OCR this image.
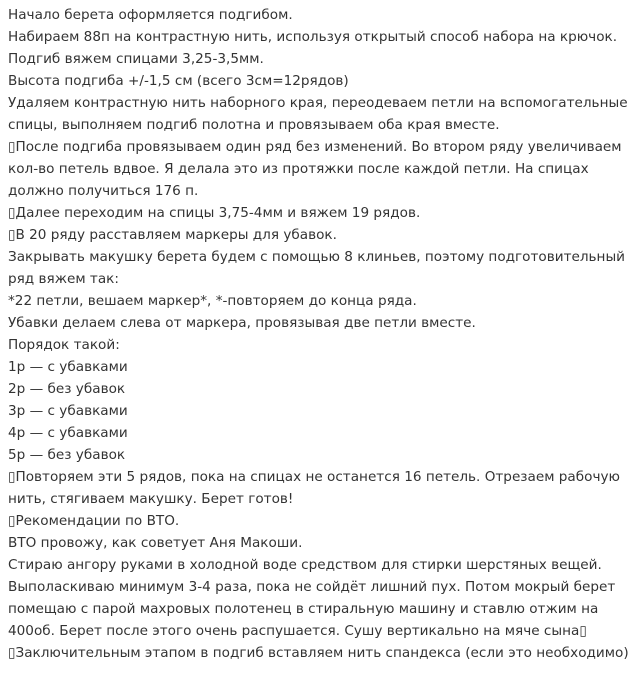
Начало берета оформляется подгибом.
Набираем 88п на контрастную нить, используя открытый способ набора на крючок.
Подгиб вяжем спицами 3,25-3,5мм.
Высота подгиба +/-1,5 см (всего 3см=12рядов)
Удаляем контрастную нить наборного края, переодеваем петли на вспомогательные спицы, выполняем подгиб полотна и провязываем оба края вместе.
▯После подгиба провязываем один ряд без изменений. Во втором ряду увеличиваем кол-во петель вдвое. Я делала это из протяжки после каждой петли. На спицах должно получиться 176 п.
▯Далее переходим на спицы 3,75-4мм и вяжем 19 рядов.
▯В 20 ряду расставляем маркеры для убавок.
Закрывать макушку берета будем с помощью 8 клиньев, поэтому подготовительный ряд вяжем так:
*22 петли, вешаем маркер*, *-повторяем до конца ряда.
Убавки делаем слева от маркера, провязывая две петли вместе.
Порядок такой:
1р — с убавками
2р — без убавок
3р — с убавками
4р — с убавками
5р — без убавок
▯Повторяем эти 5 рядов, пока на спицах не останется 16 петель. Отрезаем рабочую нить, стягиваем макушку. Берет готов!
▯Рекомендации по ВТО.
ВТО провожу, как советует Аня Макоши.
Стираю ангору руками в холодной воде средством для стирки шерстяных вещей.
Выполаскиваю минимум 3-4 раза, пока не сойдёт лишний пух. Потом мокрый берет помещаю с парой махровых полотенец в стиральную машину и ставлю отжим на 400об. Берет после этого очень распушается. Сушу вертикально на мяче сына▯
▯Заключительным этапом в подгиб вставляем нить спандекса (если это необходимо)
